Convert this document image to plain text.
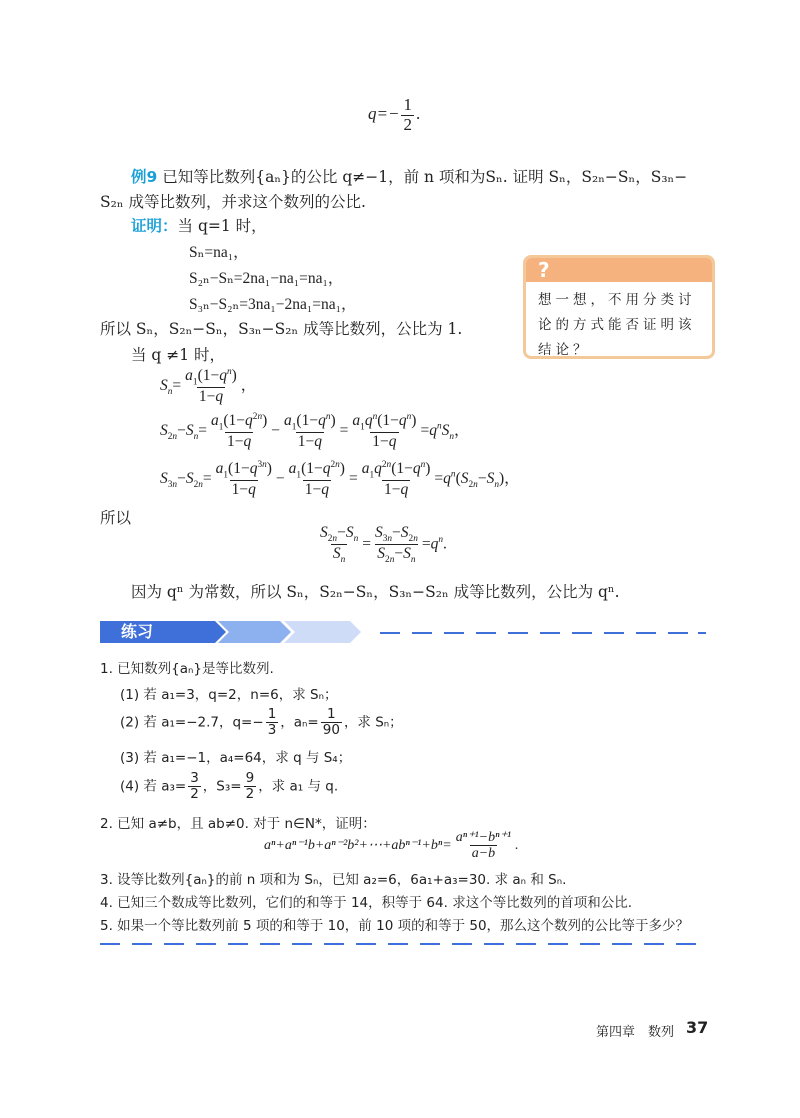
$q=- \frac{1}{2}$ .
例9 已知等比数列{aₙ}的公比 q≠−1，前 n 项和为Sₙ. 证明 Sₙ，S₂ₙ−Sₙ，S₃ₙ−
S₂ₙ 成等比数列，并求这个数列的公比.
证明：当 q=1 时，
Sₙ=na₁，
S₂ₙ−Sₙ=2na₁−na₁=na₁，
S₃ₙ−S₂ₙ=3na₁−2na₁=na₁，
所以 Sₙ，S₂ₙ−Sₙ，S₃ₙ−S₂ₙ 成等比数列，公比为 1.
当 q ≠1 时，
?
想一想，不用分类讨论的方式能否证明该结论？
$S_n= \frac{a_1(1-q^n)}{1-q}$ ，
$S_{2n}-S_n= \frac{a_1(1-q^{2n})}{1-q} - \frac{a_1(1-q^n)}{1-q} = \frac{a_1q^n(1-q^n)}{1-q} =q^nS_n$，
$S_{3n}-S_{2n}= \frac{a_1(1-q^{3n})}{1-q} - \frac{a_1(1-q^{2n})}{1-q} = \frac{a_1q^{2n}(1-q^n)}{1-q} =q^n(S_{2n}-S_n)$，
所以
$\frac{S_{2n}-S_n}{S_n} = \frac{S_{3n}-S_{2n}}{S_{2n}-S_n} =q^n$.
因为 qⁿ 为常数，所以 Sₙ，S₂ₙ−Sₙ，S₃ₙ−S₂ₙ 成等比数列，公比为 qⁿ.
练习
1. 已知数列{aₙ}是等比数列.
(1) 若 a₁=3，q=2，n=6，求 Sₙ；
(2) 若 a₁=−2.7，$q=- \frac{1}{3}$ ，$a_n= \frac{1}{90}$ ，求 Sₙ；
(3) 若 a₁=−1，a₄=64，求 q 与 S₄；
(4) 若 $a_3= \frac{3}{2}$ ，$S_3= \frac{9}{2}$ ，求 a₁ 与 q.
2. 已知 a≠b，且 ab≠0. 对于 n∈N*，证明：
aⁿ+aⁿ⁻¹b+aⁿ⁻²b²+⋯+abⁿ⁻¹+bⁿ= $\frac{\text{aⁿ⁺¹−bⁿ⁺¹}}{a-b}$ .
3. 设等比数列{aₙ}的前 n 项和为 Sₙ，已知 a₂=6，6a₁+a₃=30. 求 aₙ 和 Sₙ.
4. 已知三个数成等比数列，它们的和等于 14，积等于 64. 求这个等比数列的首项和公比.
5. 如果一个等比数列前 5 项的和等于 10，前 10 项的和等于 50，那么这个数列的公比等于多少？
第四章　数列 37
